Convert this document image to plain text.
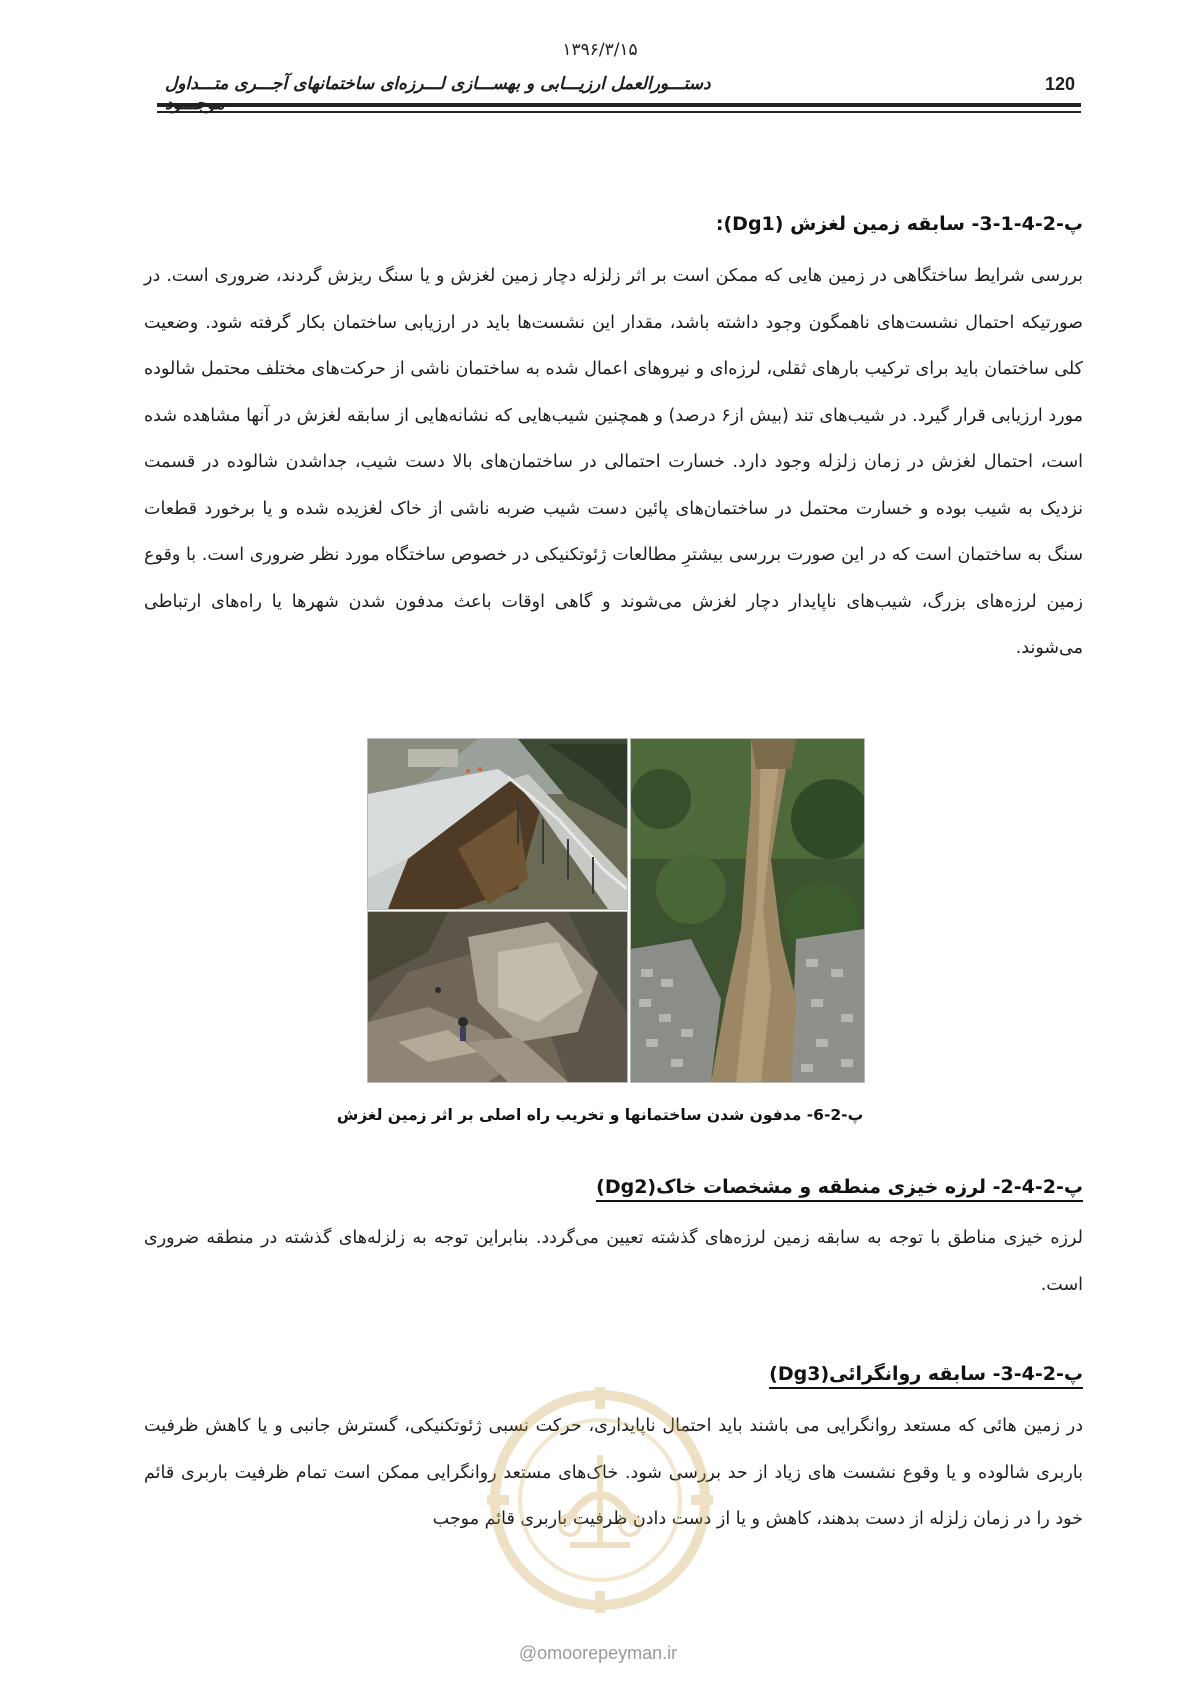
۱۳۹۶/۳/۱۵
دستـــورالعمل ارزیـــابی و بهســـازی لـــرزه‌ای ساختمانهای آجـــری متـــداول	120
پ-2-4-1-3- سابقه زمین لغزش (Dg1):
بررسی شرایط ساختگاهی در زمین هایی که ممکن است بر اثر زلزله دچار زمین لغزش و یا سنگ ریزش گردند، ضروری است. در صورتیکه احتمال نشست‌های ناهمگون وجود داشته باشد، مقدار این نشست‌ها باید در ارزیابی ساختمان بکار گرفته شود. وضعیت کلی ساختمان باید برای ترکیب بارهای ثقلی، لرزه‌ای و نیروهای اعمال شده به ساختمان ناشی از حرکت‌های مختلف محتمل شالوده مورد ارزیابی قرار گیرد. در شیب‌های تند (بیش از۶ درصد) و همچنین شیب‌هایی که نشانه‌هایی از سابقه لغزش در آنها مشاهده شده است، احتمال لغزش در زمان زلزله وجود دارد. خسارت احتمالی در ساختمان‌های بالا دست شیب، جداشدن شالوده در قسمت نزدیک به شیب بوده و خسارت محتمل در ساختمان‌های پائین دست شیب ضربه ناشی از خاک لغزیده شده و یا برخورد قطعات سنگ به ساختمان است که در این صورت بررسی بیشترِ مطالعات ژئوتکنیکی در خصوص ساختگاه مورد نظر ضروری است. با وقوع زمین لرزه‌های بزرگ، شیب‌های ناپایدار دچار لغزش می‌شوند و گاهی اوقات باعث مدفون شدن شهرها یا راه‌های ارتباطی می‌شوند.
پ-2-6- مدفون شدن ساختمانها و تخریب راه اصلی بر اثر زمین لغزش
پ-2-4-2- لرزه خیزی منطقه و مشخصات خاک(Dg2)
لرزه خیزی مناطق با توجه به سابقه زمین لرزه‌های گذشته تعیین می‌گردد. بنابراین توجه به زلزله‌های گذشته در منطقه ضروری است.
پ-2-4-3- سابقه روانگرائی(Dg3)
در زمین هائی که مستعد روانگرایی می باشند باید احتمال ناپایداری، حرکت نسبی ژئوتکنیکی، گسترش جانبی و یا کاهش ظرفیت باربری شالوده و یا وقوع نشست های زیاد از حد بررسی شود. خاک‌های مستعد روانگرایی ممکن است تمام ظرفیت باربری قائم خود را در زمان زلزله از دست بدهند، کاهش و یا از دست دادن ظرفیت باربری قائم موجب
@omoorepeyman.ir
